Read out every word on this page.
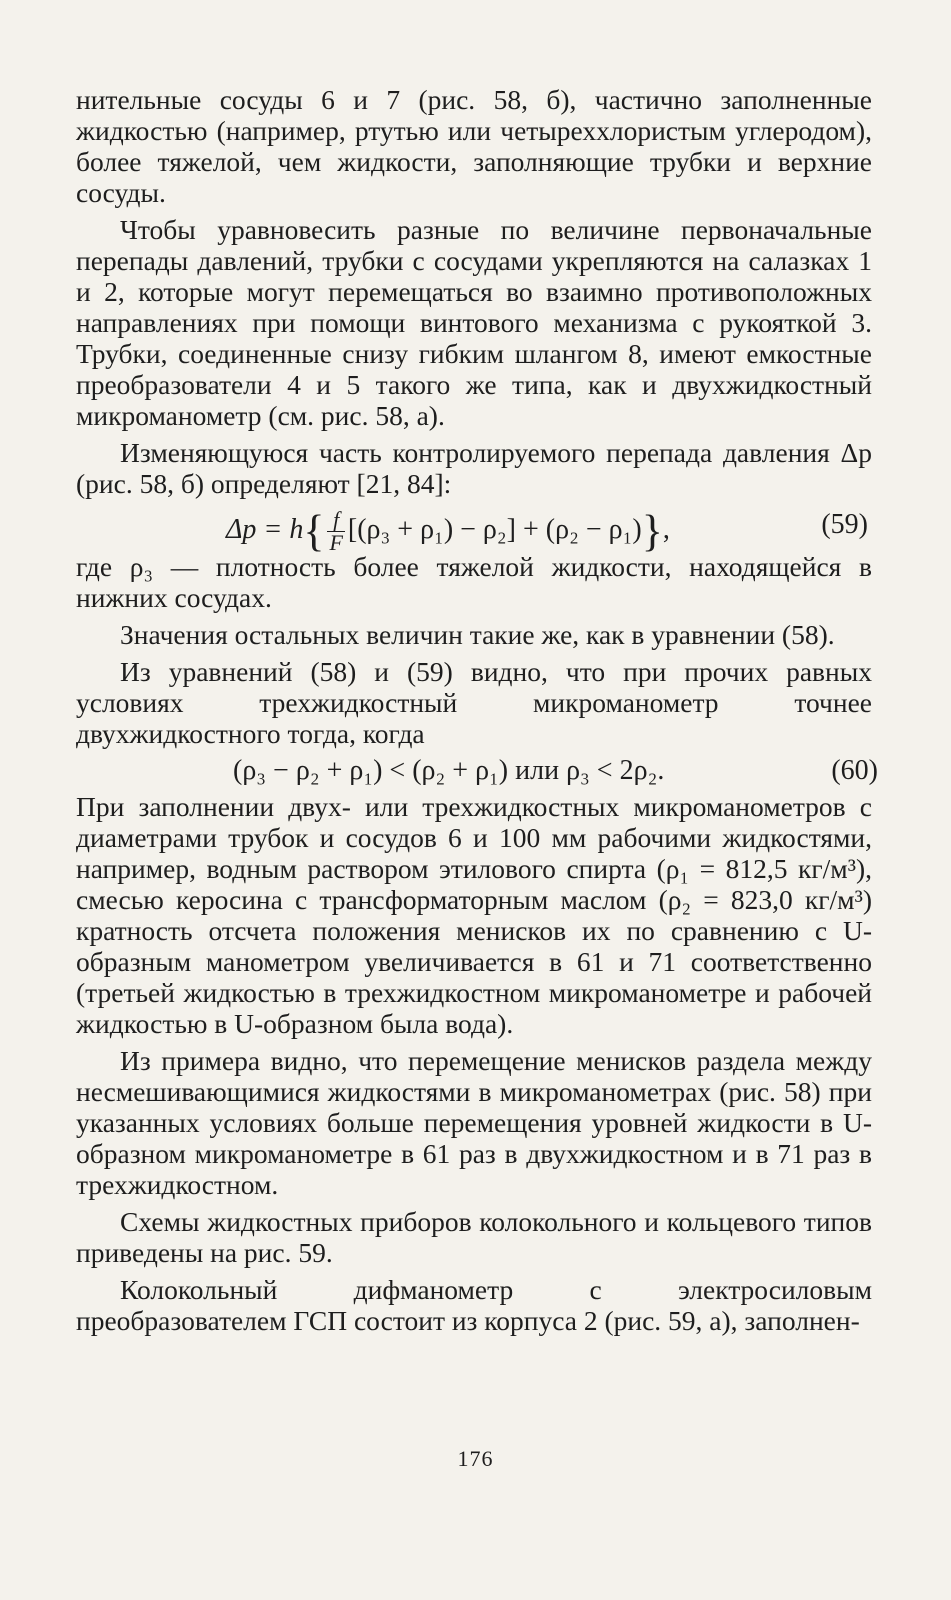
нительные сосуды 6 и 7 (рис. 58, б), частично заполненные жидкостью (например, ртутью или четыреххлористым углеродом), более тяжелой, чем жидкости, заполняющие трубки и верхние сосуды.

Чтобы уравновесить разные по величине первоначальные перепады давлений, трубки с сосудами укрепляются на салазках 1 и 2, которые могут перемещаться во взаимно противоположных направлениях при помощи винтового механизма с рукояткой 3. Трубки, соединенные снизу гибким шлангом 8, имеют емкостные преобразователи 4 и 5 такого же типа, как и двухжидкостный микроманометр (см. рис. 58, а).

Изменяющуюся часть контролируемого перепада давления Δp (рис. 58, б) определяют [21, 84]:

$\Delta p = h\{ \frac{f}{F} [(\rho_3 + \rho_1) - \rho_2] + (\rho_2 - \rho_1)\}$,	(59)

где ρ₃ — плотность более тяжелой жидкости, находящейся в нижних сосудах.

Значения остальных величин такие же, как в уравнении (58).

Из уравнений (58) и (59) видно, что при прочих равных условиях трехжидкостный микроманометр точнее двухжидкостного тогда, когда

(ρ₃ − ρ₂ + ρ₁) < (ρ₂ + ρ₁) или ρ₃ < 2ρ₂.	(60)

При заполнении двух- или трехжидкостных микроманометров с диаметрами трубок и сосудов 6 и 100 мм рабочими жидкостями, например, водным раствором этилового спирта (ρ₁ = 812,5 кг/м³), смесью керосина с трансформаторным маслом (ρ₂ = 823,0 кг/м³) кратность отсчета положения менисков их по сравнению с U-образным манометром увеличивается в 61 и 71 соответственно (третьей жидкостью в трехжидкостном микроманометре и рабочей жидкостью в U-образном была вода).

Из примера видно, что перемещение менисков раздела между несмешивающимися жидкостями в микроманометрах (рис. 58) при указанных условиях больше перемещения уровней жидкости в U-образном микроманометре в 61 раз в двухжидкостном и в 71 раз в трехжидкостном.

Схемы жидкостных приборов колокольного и кольцевого типов приведены на рис. 59.

Колокольный дифманометр с электросиловым преобразователем ГСП состоит из корпуса 2 (рис. 59, а), заполнен-

176
